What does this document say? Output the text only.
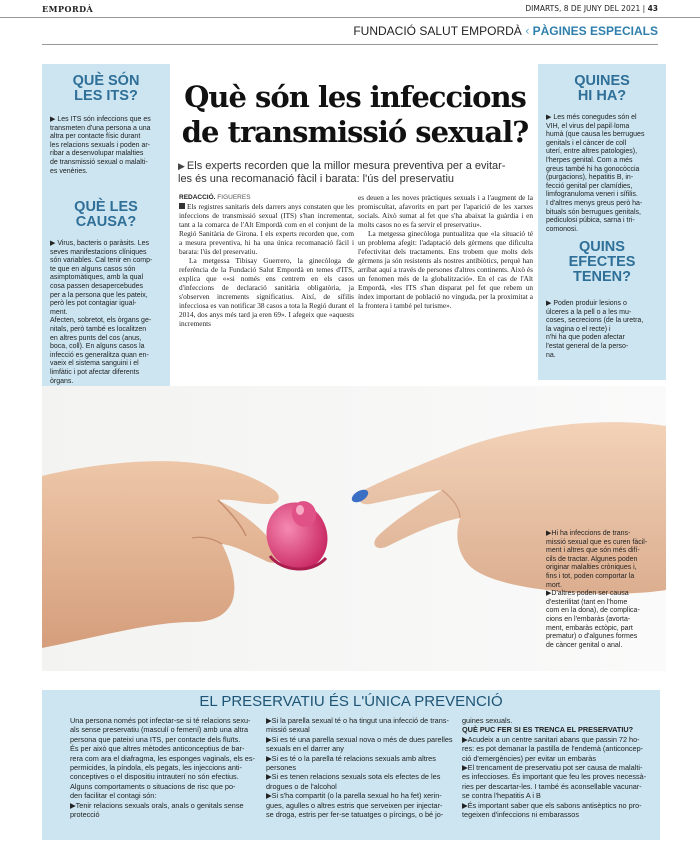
EMPORDÀ	DIMARTS, 8 DE JUNY DEL 2021 | 43
FUNDACIÓ SALUT EMPORDÀ ‹ PÀGINES ESPECIALS
QUÈ SÓN
LES ITS?
▶ Les ITS són infeccions que es
transmeten d'una persona a una
altra per contacte físic durant
les relacions sexuals i poden ar-
ribar a desenvolupar malalties
de transmissió sexual o malalti-
es venèries.
QUÈ LES
CAUSA?
▶ Virus, bacteris o paràsits. Les
seves manifestacions clíniques
són variables. Cal tenir en comp-
te que en alguns casos són
asimptomàtiques, amb la qual
cosa passen desapercebudes
per a la persona que les pateix,
però les pot contagiar igual-
ment.
Afecten, sobretot, els òrgans ge-
nitals, però també es localitzen
en altres punts del cos (anus,
boca, coll). En alguns casos la
infecció es generalitza quan en-
vaeix el sistema sanguini i el
limfàtic i pot afectar diferents
òrgans.
QUINES
HI HA?
▶ Les més conegudes són el
VIH, el virus del papil·loma
humà (que causa les berrugues
genitals i el càncer de coll
uterí, entre altres patologies),
l'herpes genital. Com a més
greus també hi ha gonocòccia
(purgacions), hepatitis B, in-
fecció genital per clamídies,
limfogranuloma veneri i sífilis.
I d'altres menys greus però ha-
bituals són berrugues genitals,
pediculosi púbica, sarna i tri-
comonosi.
QUINS
EFECTES
TENEN?
▶ Poden produir lesions o
úlceres a la pell o a les mu-
coses, secrecions (de la uretra,
la vagina o el recte) i
n'hi ha que poden afectar
l'estat general de la perso-
na.
Què són les infeccions
de transmissió sexual?
▶ Els experts recorden que la millor mesura preventiva per a evitar-
les és una recomanació fàcil i barata: l'ús del preservatiu
REDACCIÓ. FIGUERES

Els registres sanitaris dels darrers anys constaten que les infeccions de transmissió sexual (ITS) s'han incrementat, tant a la comarca de l'Alt Empordà com en el conjunt de la Regió Sanitària de Girona. I els experts recorden que, com a mesura preventiva, hi ha una única recomanació fàcil i barata: l'ús del preservatiu.

La metgessa Tibisay Guerrero, la ginecòloga de referència de la Fundació Salut Empordà en temes d'ITS, explica que ««si només ens centrem en els casos d'infeccions de declaració sanitària obligatòria, ja s'observen increments significatius. Així, de sífilis infecciosa es van notificar 38 casos a tota la Regió durant el 2014, dos anys més tard ja eren 69». I afegeix que «aquests increments

es deuen a les noves pràctiques sexuals i a l'augment de la promiscuïtat, afavorits en part per l'aparició de les xarxes socials. Això sumat al fet que s'ha abaixat la guàrdia i en molts casos no es fa servir el preservatiu».

La metgessa ginecòloga puntualitza que «la situació té un problema afegit: l'adaptació dels gèrmens que dificulta l'efectivitat dels tractaments. Ens trobem que molts dels gèrmens ja són resistents als nostres antibiòtics, perquè han arribat aquí a través de persones d'altres continents. Això és un fenomen més de la globalització». En el cas de l'Alt Empordà, «les ITS s'han disparat pel fet que rebem un índex important de població no vinguda, per la proximitat a la frontera i també pel turisme».

▶Hi ha infeccions de trans-
missió sexual que es curen fàcil-
ment i altres que són més difí-
cils de tractar. Algunes poden
originar malalties cròniques i,
fins i tot, poden comportar la
mort.
▶D'altres poden ser causa
d'esterilitat (tant en l'home
com en la dona), de complica-
cions en l'embaràs (avorta-
ment, embaràs ectòpic, part
prematur) o d'algunes formes
de càncer genital o anal.
EL PRESERVATIU ÉS L'ÚNICA PREVENCIÓ
Una persona només pot infectar-se si té relacions sexu-
als sense preservatiu (masculí o femení) amb una altra
persona que pateixi una ITS, per contacte dels fluïts.
És per això que altres mètodes anticonceptius de bar-
rera com ara el diafragma, les esponges vaginals, els es-
permicides, la píndola, els pegats, les injeccions anti-
conceptives o el dispositiu intrauterí no són efectius.
Alguns comportaments o situacions de risc que po-
den facilitar el contagi són:
▶Tenir relacions sexuals orals, anals o genitals sense
protecció
▶Si la parella sexual té o ha tingut una infecció de trans-
missió sexual
▶Si es té una parella sexual nova o més de dues parelles
sexuals en el darrer any
▶Si es té o la parella té relacions sexuals amb altres
persones
▶Si es tenen relacions sexuals sota els efectes de les
drogues o de l'alcohol
▶Si s'ha compartit (o la parella sexual ho ha fet) xerin-
gues, agulles o altres estris que serveixen per injectar-
se droga, estris per fer-se tatuatges o pírcings, o bé jo-
guines sexuals.
QUÈ PUC FER SI ES TRENCA EL PRESERVATIU?
▶Acudeix a un centre sanitari abans que passin 72 ho-
res: es pot demanar la pastilla de l'endemà (anticoncep-
ció d'emergències) per evitar un embaràs
▶El trencament de preservatiu pot ser causa de malalti-
es infeccioses. És important que feu les proves necessà-
ries per descartar-les. I també és aconsellable vacunar-
se contra l'hepatitis A i B
▶És important saber que els sabons antisèptics no pro-
tegeixen d'infeccions ni embarassos
